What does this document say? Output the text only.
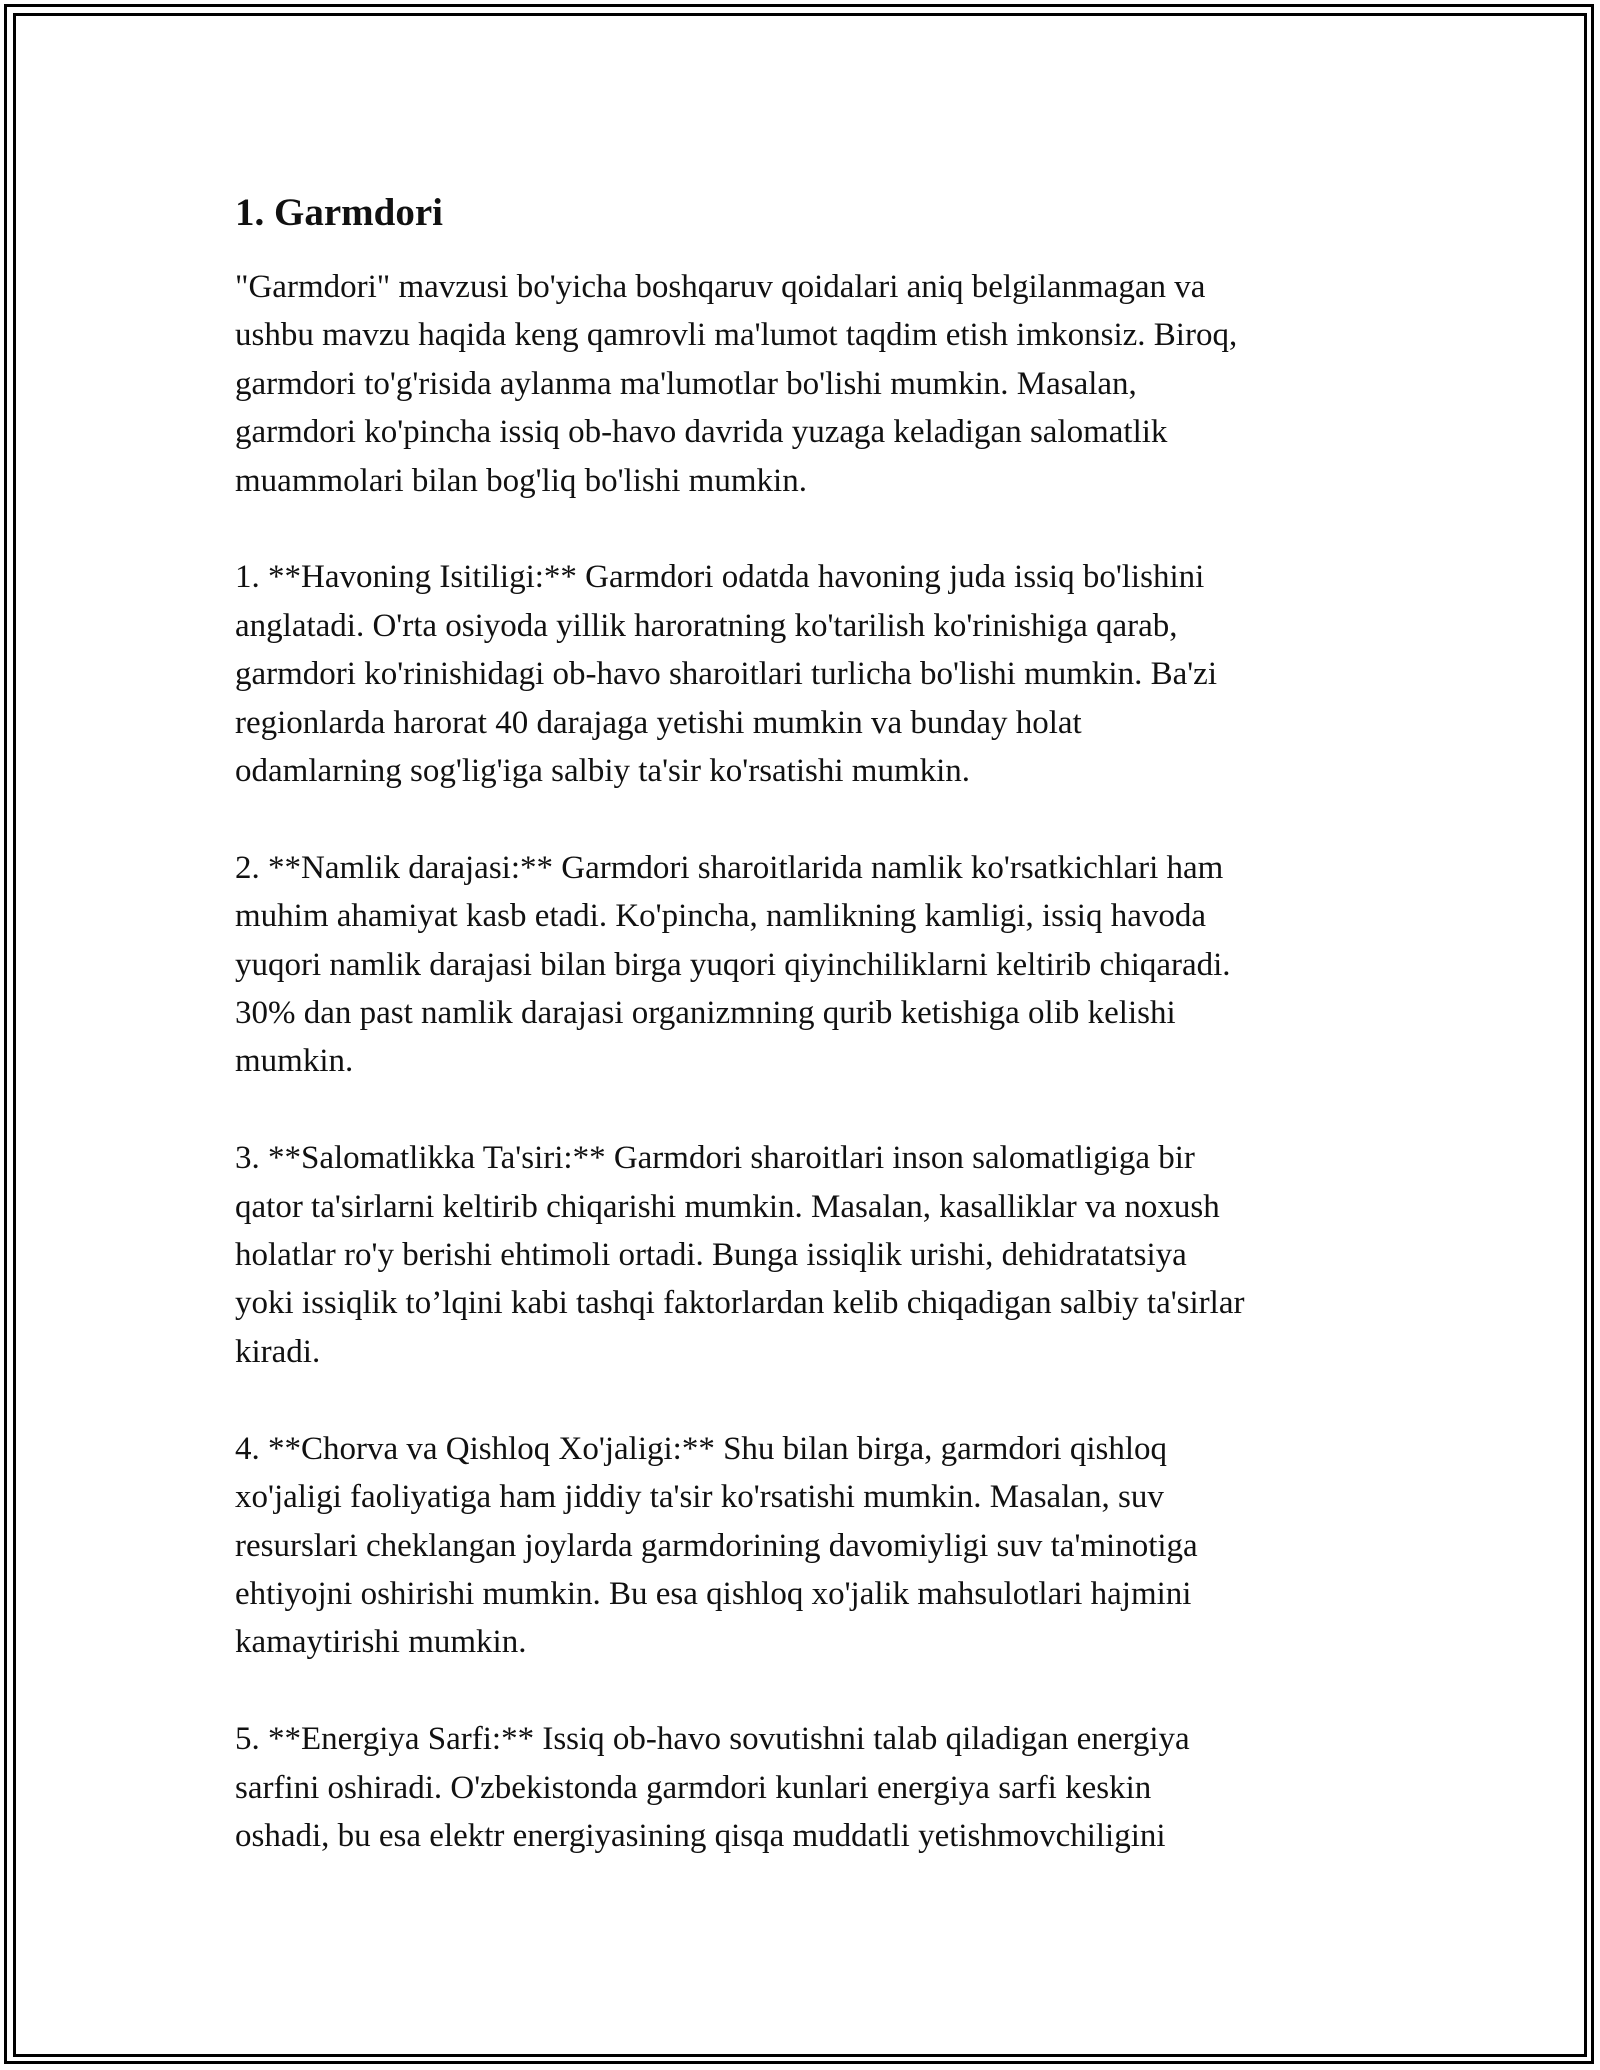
1. Garmdori

"Garmdori" mavzusi bo'yicha boshqaruv qoidalari aniq belgilanmagan va
ushbu mavzu haqida keng qamrovli ma'lumot taqdim etish imkonsiz. Biroq,
garmdori to'g'risida aylanma ma'lumotlar bo'lishi mumkin. Masalan,
garmdori ko'pincha issiq ob-havo davrida yuzaga keladigan salomatlik
muammolari bilan bog'liq bo'lishi mumkin.

1. **Havoning Isitiligi:** Garmdori odatda havoning juda issiq bo'lishini
anglatadi. O'rta osiyoda yillik haroratning ko'tarilish ko'rinishiga qarab,
garmdori ko'rinishidagi ob-havo sharoitlari turlicha bo'lishi mumkin. Ba'zi
regionlarda harorat 40 darajaga yetishi mumkin va bunday holat
odamlarning sog'lig'iga salbiy ta'sir ko'rsatishi mumkin.

2. **Namlik darajasi:** Garmdori sharoitlarida namlik ko'rsatkichlari ham
muhim ahamiyat kasb etadi. Ko'pincha, namlikning kamligi, issiq havoda
yuqori namlik darajasi bilan birga yuqori qiyinchiliklarni keltirib chiqaradi.
30% dan past namlik darajasi organizmning qurib ketishiga olib kelishi
mumkin.

3. **Salomatlikka Ta'siri:** Garmdori sharoitlari inson salomatligiga bir
qator ta'sirlarni keltirib chiqarishi mumkin. Masalan, kasalliklar va noxush
holatlar ro'y berishi ehtimoli ortadi. Bunga issiqlik urishi, dehidratatsiya
yoki issiqlik to’lqini kabi tashqi faktorlardan kelib chiqadigan salbiy ta'sirlar
kiradi.

4. **Chorva va Qishloq Xo'jaligi:** Shu bilan birga, garmdori qishloq
xo'jaligi faoliyatiga ham jiddiy ta'sir ko'rsatishi mumkin. Masalan, suv
resurslari cheklangan joylarda garmdorining davomiyligi suv ta'minotiga
ehtiyojni oshirishi mumkin. Bu esa qishloq xo'jalik mahsulotlari hajmini
kamaytirishi mumkin.

5. **Energiya Sarfi:** Issiq ob-havo sovutishni talab qiladigan energiya
sarfini oshiradi. O'zbekistonda garmdori kunlari energiya sarfi keskin
oshadi, bu esa elektr energiyasining qisqa muddatli yetishmovchiligini
